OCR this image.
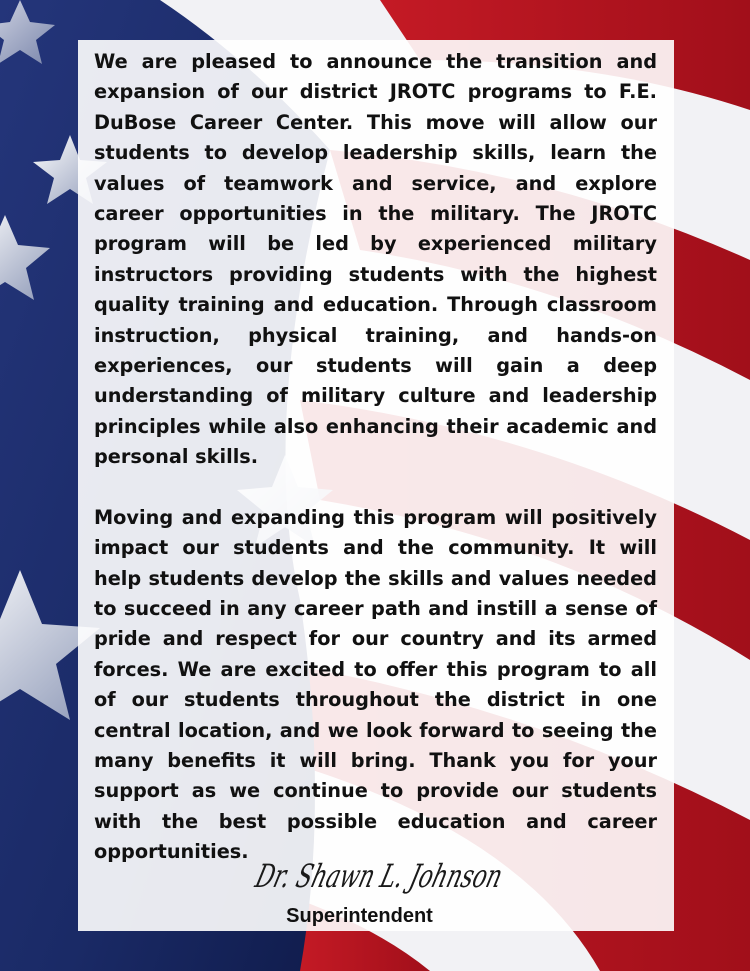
We are pleased to announce the transition and expansion of our district JROTC programs to F.E. DuBose Career Center. This move will allow our students to develop leadership skills, learn the values of teamwork and service, and explore career opportunities in the military. The JROTC program will be led by experienced military instructors providing students with the highest quality training and education. Through classroom instruction, physical training, and hands-on experiences, our students will gain a deep understanding of military culture and leadership principles while also enhancing their academic and personal skills.

Moving and expanding this program will positively impact our students and the community. It will help students develop the skills and values needed to succeed in any career path and instill a sense of pride and respect for our country and its armed forces. We are excited to offer this program to all of our students throughout the district in one central location, and we look forward to seeing the many benefits it will bring. Thank you for your support as we continue to provide our students with the best possible education and career opportunities.

Dr. Shawn L. Johnson
Superintendent
